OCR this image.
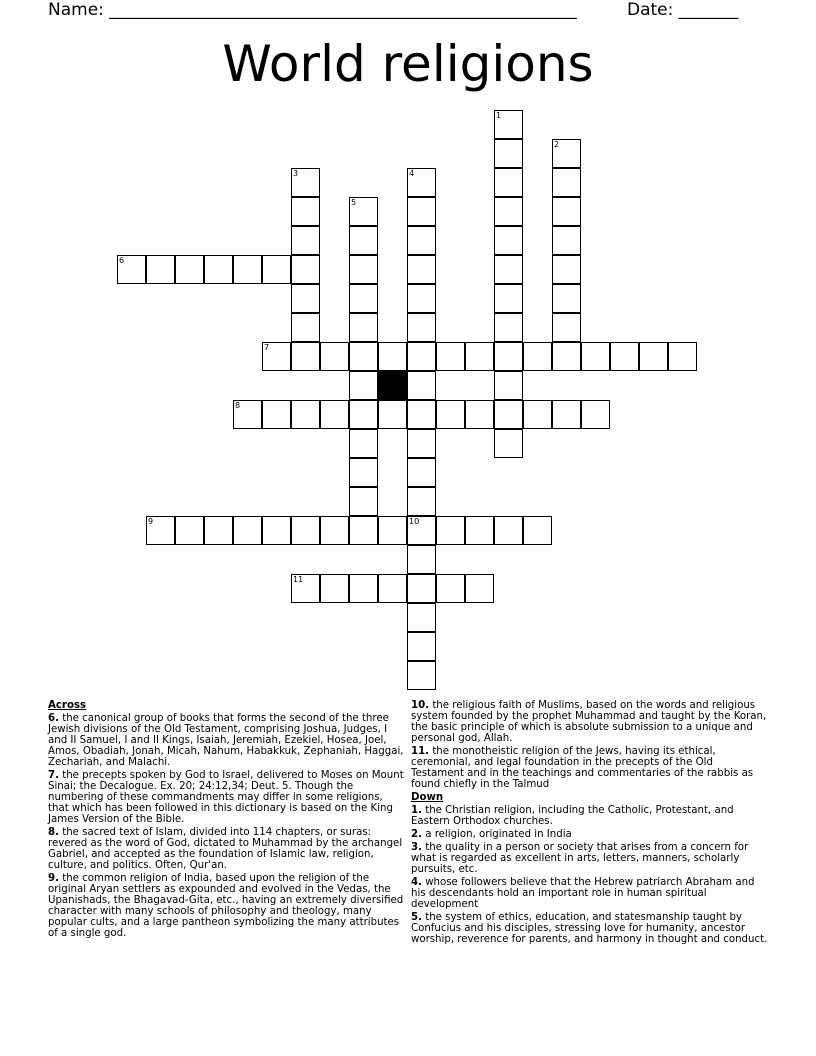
Name: _______________________________________________________	Date: _______
World religions
1
2
3	4
10
5
6
7
8
9
11
Across
6. the canonical group of books that forms the second of the three Jewish divisions of the Old Testament, comprising Joshua, Judges, I and II Samuel, I and II Kings, Isaiah, Jeremiah, Ezekiel, Hosea, Joel, Amos, Obadiah, Jonah, Micah, Nahum, Habakkuk, Zephaniah, Haggai, Zechariah, and Malachi.
7. the precepts spoken by God to Israel, delivered to Moses on Mount Sinai; the Decalogue. Ex. 20; 24:12,34; Deut. 5. Though the numbering of these commandments may differ in some religions, that which has been followed in this dictionary is based on the King James Version of the Bible.
8. the sacred text of Islam, divided into 114 chapters, or suras: revered as the word of God, dictated to Muhammad by the archangel Gabriel, and accepted as the foundation of Islamic law, religion, culture, and politics. Often, Qur'an.
9. the common religion of India, based upon the religion of the original Aryan settlers as expounded and evolved in the Vedas, the Upanishads, the Bhagavad-Gita, etc., having an extremely diversified character with many schools of philosophy and theology, many popular cults, and a large pantheon symbolizing the many attributes of a single god.
10. the religious faith of Muslims, based on the words and religious system founded by the prophet Muhammad and taught by the Koran, the basic principle of which is absolute submission to a unique and personal god, Allah.
11. the monotheistic religion of the Jews, having its ethical, ceremonial, and legal foundation in the precepts of the Old Testament and in the teachings and commentaries of the rabbis as found chiefly in the Talmud
Down
1. the Christian religion, including the Catholic, Protestant, and Eastern Orthodox churches.
2. a religion, originated in India
3. the quality in a person or society that arises from a concern for what is regarded as excellent in arts, letters, manners, scholarly pursuits, etc.
4. whose followers believe that the Hebrew patriarch Abraham and his descendants hold an important role in human spiritual development
5. the system of ethics, education, and statesmanship taught by Confucius and his disciples, stressing love for humanity, ancestor worship, reverence for parents, and harmony in thought and conduct.
